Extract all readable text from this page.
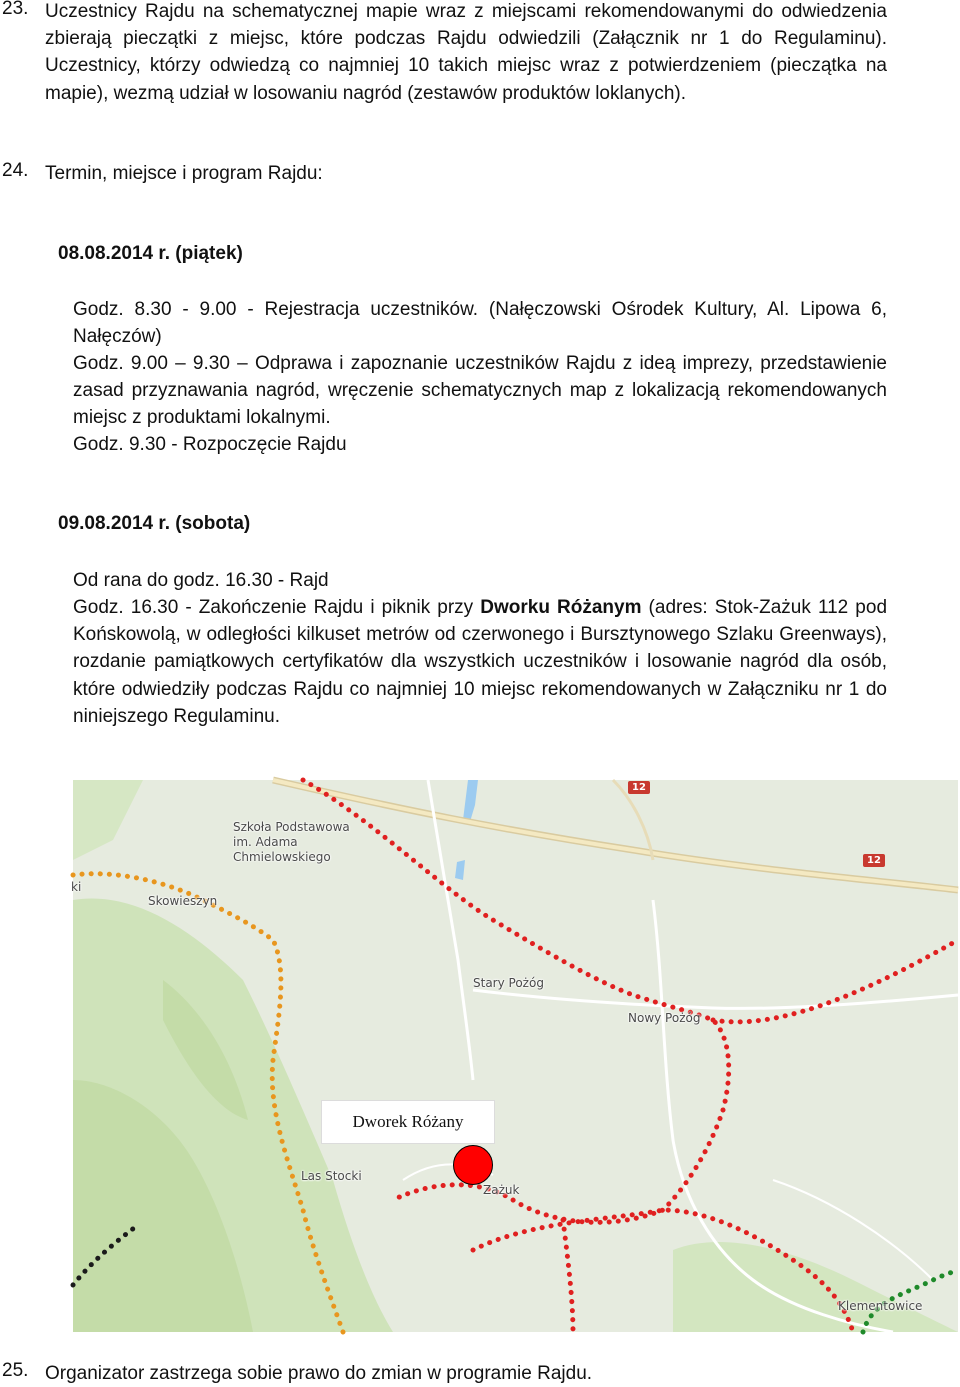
23. Uczestnicy Rajdu na schematycznej mapie wraz z miejscami rekomendowanymi do odwiedzenia zbierają pieczątki z miejsc, które podczas Rajdu odwiedzili (Załącznik nr 1 do Regulaminu). Uczestnicy, którzy odwiedzą co najmniej 10 takich miejsc wraz z potwierdzeniem (pieczątka na mapie), wezmą udział w losowaniu nagród (zestawów produktów loklanych).
24. Termin, miejsce i program Rajdu:
08.08.2014 r. (piątek)
Godz. 8.30 - 9.00 - Rejestracja uczestników. (Nałęczowski Ośrodek Kultury, Al. Lipowa 6, Nałęczów)
Godz. 9.00 – 9.30 – Odprawa i zapoznanie uczestników Rajdu z ideą imprezy, przedstawienie zasad przyznawania nagród, wręczenie schematycznych map z lokalizacją rekomendowanych miejsc z produktami lokalnymi.
Godz. 9.30 - Rozpoczęcie Rajdu
09.08.2014 r. (sobota)
Od rana do godz. 16.30 - Rajd
Godz. 16.30 - Zakończenie Rajdu i piknik przy Dworku Różanym (adres: Stok-Zażuk 112 pod Końskowolą, w odległości kilkuset metrów od czerwonego i Bursztynowego Szlaku Greenways), rozdanie pamiątkowych certyfikatów dla wszystkich uczestników i losowanie nagród dla osób, które odwiedziły podczas Rajdu co najmniej 10 miejsc rekomendowanych w Załączniku nr 1 do niniejszego Regulaminu.
12
12
Szkoła Podstawowa
im. Adama
Chmielowskiego
Skowieszyn
ki
Stary Pożóg
Nowy Pożóg
Las Stocki
Zażuk
Klementowice
Dworek Różany
25. Organizator zastrzega sobie prawo do zmian w programie Rajdu.
